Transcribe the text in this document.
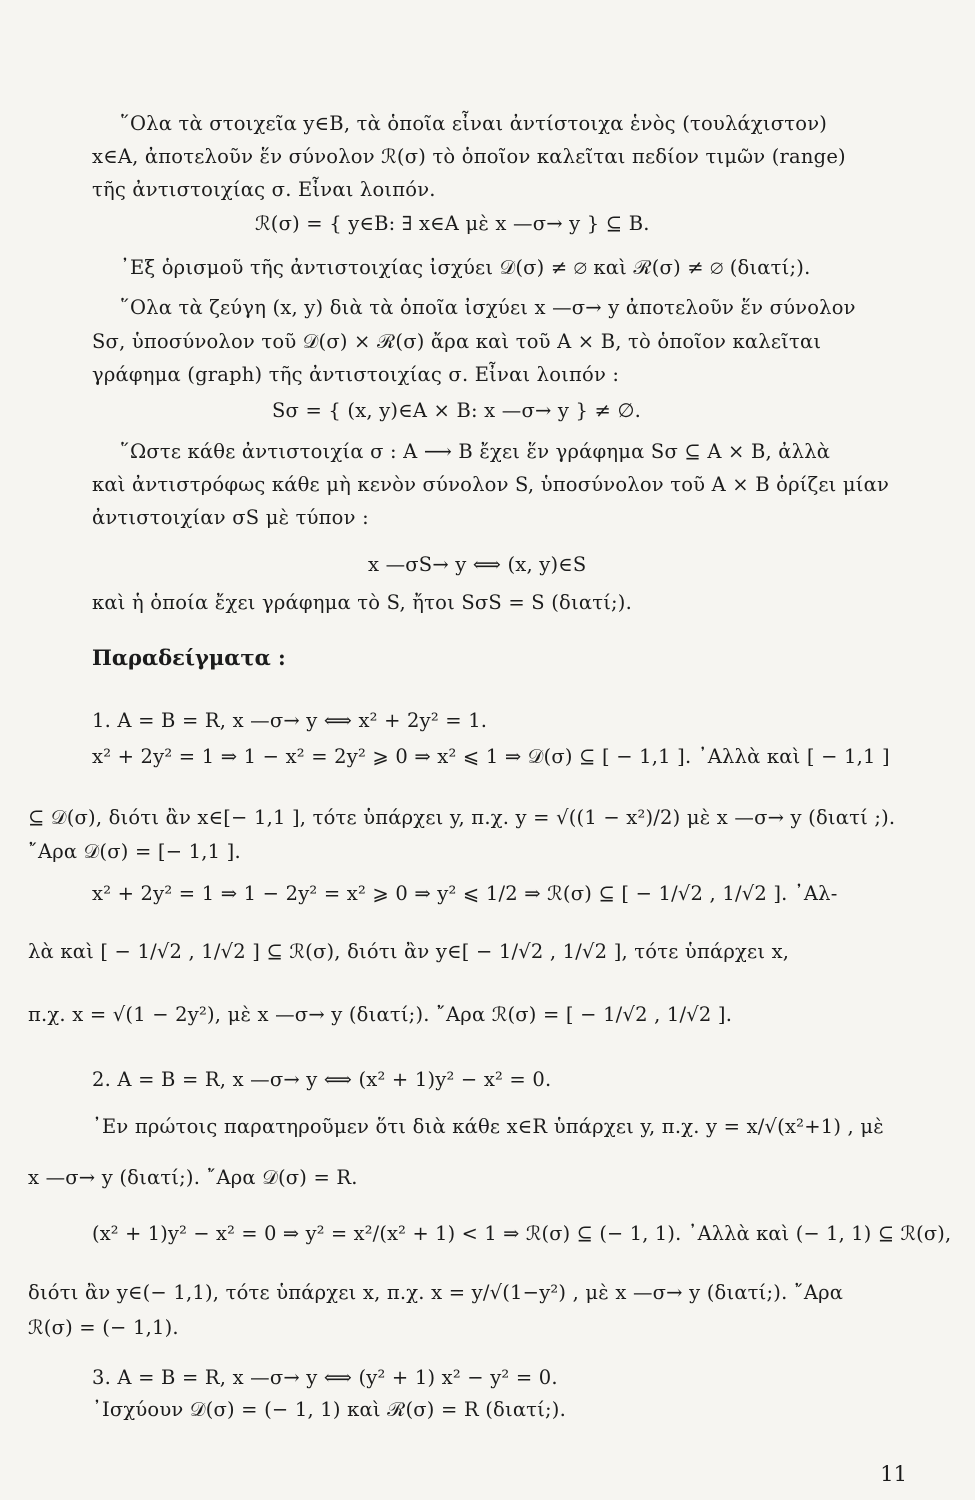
῞Ολα τὰ στοιχεῖα y∈B, τὰ ὁποῖα εἶναι ἀντίστοιχα ἑνὸς (τουλάχιστον)
x∈A, ἀποτελοῦν ἕν σύνολον ℛ(σ) τὸ ὁποῖον καλεῖται πεδίον τιμῶν (range)
τῆς ἀντιστοιχίας σ. Εἶναι λοιπόν.
ℛ(σ) = { y∈B: ∃ x∈A μὲ x —σ→ y } ⊆ B.
᾿Εξ ὁρισμοῦ τῆς ἀντιστοιχίας ἰσχύει 𝒟(σ) ≠ ∅ καὶ ℛ(σ) ≠ ∅ (διατί;).
῞Ολα τὰ ζεύγη (x, y) διὰ τὰ ὁποῖα ἰσχύει x —σ→ y ἀποτελοῦν ἕν σύνολον
Sσ, ὑποσύνολον τοῦ 𝒟(σ) × ℛ(σ) ἄρα καὶ τοῦ A × B, τὸ ὁποῖον καλεῖται
γράφημα (graph) τῆς ἀντιστοιχίας σ. Εἶναι λοιπόν :
Sσ = { (x, y)∈A × B: x —σ→ y } ≠ ∅.
῞Ωστε κάθε ἀντιστοιχία σ : A ⟶ B ἔχει ἕν γράφημα Sσ ⊆ A × B, ἀλλὰ
καὶ ἀντιστρόφως κάθε μὴ κενὸν σύνολον S, ὑποσύνολον τοῦ A × B ὁρίζει μίαν
ἀντιστοιχίαν σS μὲ τύπον :
x —σS→ y ⟺ (x, y)∈S
καὶ ἡ ὁποία ἔχει γράφημα τὸ S, ἤτοι SσS = S (διατί;).
Παραδείγματα :
1. A = B = R, x —σ→ y ⟺ x² + 2y² = 1.
x² + 2y² = 1 ⇒ 1 − x² = 2y² ⩾ 0 ⇒ x² ⩽ 1 ⇒ 𝒟(σ) ⊆ [ − 1,1 ]. ᾿Αλλὰ καὶ [ − 1,1 ]
⊆ 𝒟(σ), διότι ἂν x∈[− 1,1 ], τότε ὑπάρχει y, π.χ. y = √((1 − x²)/2) μὲ x —σ→ y (διατί ;).
῎Αρα 𝒟(σ) = [− 1,1 ].
x² + 2y² = 1 ⇒ 1 − 2y² = x² ⩾ 0 ⇒ y² ⩽ 1/2 ⇒ ℛ(σ) ⊆ [ − 1/√2 , 1/√2 ]. ᾿Αλ-
λὰ καὶ [ − 1/√2 , 1/√2 ] ⊆ ℛ(σ), διότι ἂν y∈[ − 1/√2 , 1/√2 ], τότε ὑπάρχει x,
π.χ. x = √(1 − 2y²), μὲ x —σ→ y (διατί;). ῎Αρα ℛ(σ) = [ − 1/√2 , 1/√2 ].
2. A = B = R, x —σ→ y ⟺ (x² + 1)y² − x² = 0.
᾿Εν πρώτοις παρατηροῦμεν ὅτι διὰ κάθε x∈R ὑπάρχει y, π.χ. y = x/√(x²+1) , μὲ
x —σ→ y (διατί;). ῎Αρα 𝒟(σ) = R.
(x² + 1)y² − x² = 0 ⇒ y² = x²/(x² + 1) < 1 ⇒ ℛ(σ) ⊆ (− 1, 1). ᾿Αλλὰ καὶ (− 1, 1) ⊆ ℛ(σ),
διότι ἂν y∈(− 1,1), τότε ὑπάρχει x, π.χ. x = y/√(1−y²) , μὲ x —σ→ y (διατί;). ῎Αρα
ℛ(σ) = (− 1,1).
3. A = B = R, x —σ→ y ⟺ (y² + 1) x² − y² = 0.
᾿Ισχύουν 𝒟(σ) = (− 1, 1) καὶ ℛ(σ) = R (διατί;).
11
